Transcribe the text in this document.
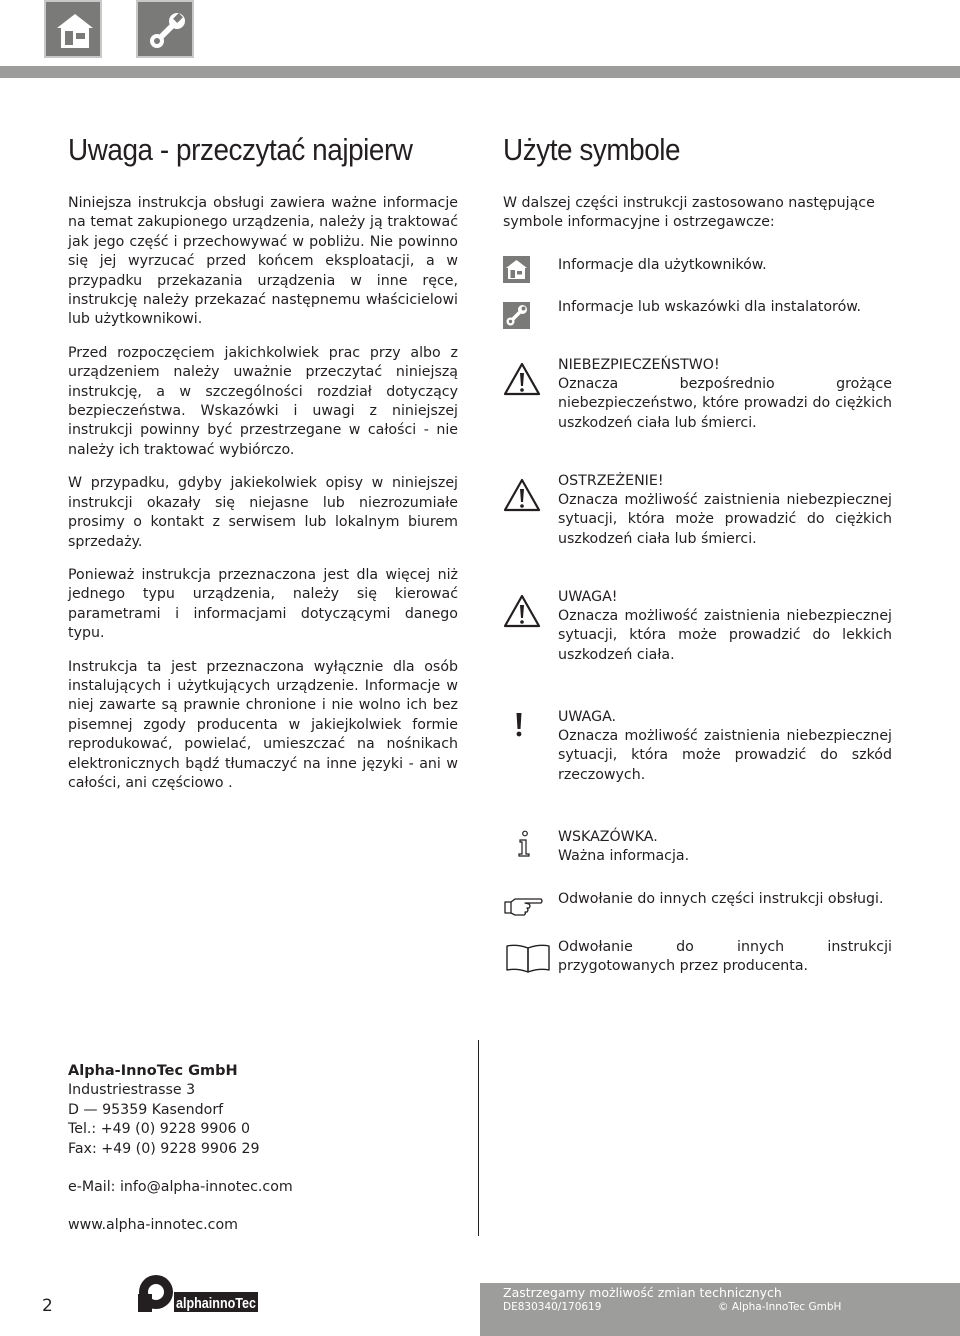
Uwaga - przeczytać najpierw

Niniejsza instrukcja obsługi zawiera ważne informacje na temat zakupionego urządzenia, należy ją traktować jak jego część i przechowywać w pobliżu. Nie powinno się jej wyrzucać przed końcem eksploatacji, a w przypadku przekazania urządzenia w inne ręce, instrukcję należy przekazać następnemu właścicielowi lub użytkownikowi.

Przed rozpoczęciem jakichkolwiek prac przy albo z urządzeniem należy uważnie przeczytać niniejszą instrukcję, a w szczególności rozdział dotyczący bezpieczeństwa. Wskazówki i uwagi z niniejszej instrukcji powinny być przestrzegane w całości - nie należy ich traktować wybiórczo.

W przypadku, gdyby jakiekolwiek opisy w niniejszej instrukcji okazały się niejasne lub niezrozumiałe prosimy o kontakt z serwisem lub lokalnym biurem sprzedaży.

Ponieważ instrukcja przeznaczona jest dla więcej niż jednego typu urządzenia, należy się kierować parametrami i informacjami dotyczącymi danego typu.

Instrukcja ta jest przeznaczona wyłącznie dla osób instalujących i użytkujących urządzenie. Informacje w niej zawarte są prawnie chronione i nie wolno ich bez pisemnej zgody producenta w jakiejkolwiek formie reprodukować, powielać, umieszczać na nośnikach elektronicznych bądź tłumaczyć na inne języki - ani w całości, ani częściowo .

Użyte symbole

W dalszej części instrukcji zastosowano następujące symbole informacyjne i ostrzegawcze:

Informacje dla użytkowników.
Informacje lub wskazówki dla instalatorów.
NIEBEZPIECZEŃSTWO!
Oznacza bezpośrednio grożące niebezpieczeństwo, które prowadzi do ciężkich uszkodzeń ciała lub śmierci.
OSTRZEŻENIE!
Oznacza możliwość zaistnienia niebezpiecznej sytuacji, która może prowadzić do ciężkich uszkodzeń ciała lub śmierci.
UWAGA!
Oznacza możliwość zaistnienia niebezpiecznej sytuacji, która może prowadzić do lekkich uszkodzeń ciała.
UWAGA.
Oznacza możliwość zaistnienia niebezpiecznej sytuacji, która może prowadzić do szkód rzeczowych.
WSKAZÓWKA.
Ważna informacja.
Odwołanie do innych części instrukcji obsługi.
Odwołanie do innych instrukcji przygotowanych przez producenta.
Alpha-InnoTec GmbH
Industriestrasse 3
D — 95359 Kasendorf
Tel.: +49 (0) 9228 9906 0
Fax: +49 (0) 9228 9906 29
e-Mail: info@alpha-innotec.com
www.alpha-innotec.com
2	alphainnoTec
Zastrzegamy możliwość zmian technicznych
DE830340/170619	© Alpha-InnoTec GmbH
